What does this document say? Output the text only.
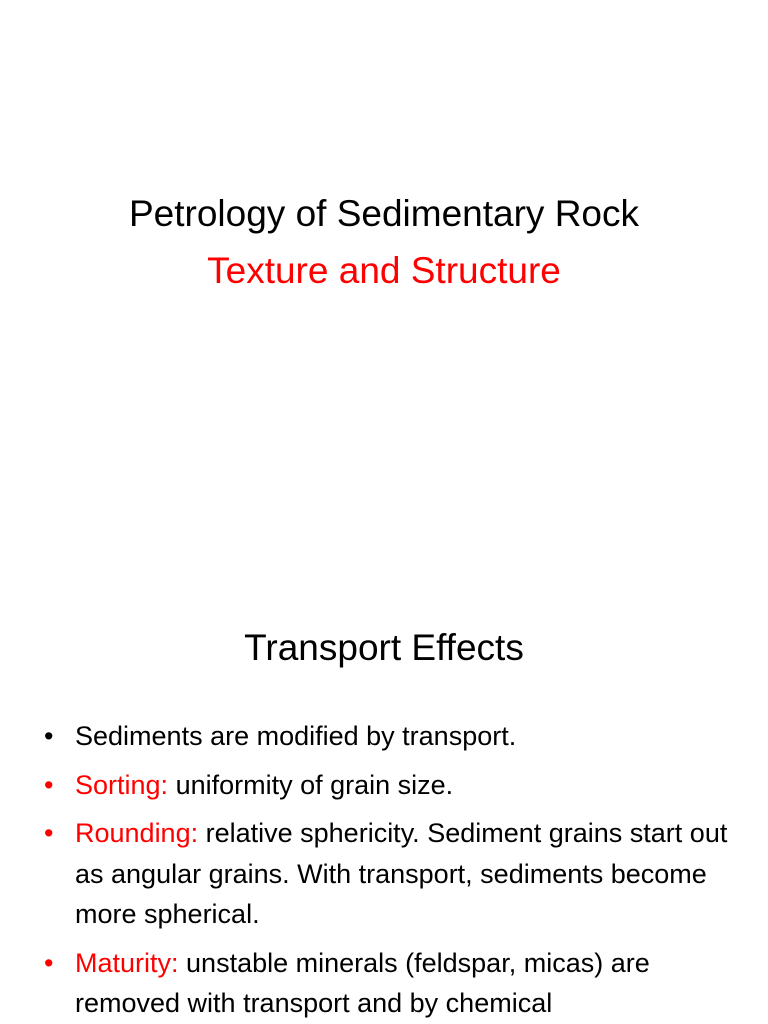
Petrology of Sedimentary Rock
Texture and Structure
Transport Effects
• Sediments are modified by transport.
• Sorting: uniformity of grain size.
• Rounding: relative sphericity. Sediment grains start out as angular grains. With transport, sediments become more spherical.
• Maturity: unstable minerals (feldspar, micas) are removed with transport and by chemical
